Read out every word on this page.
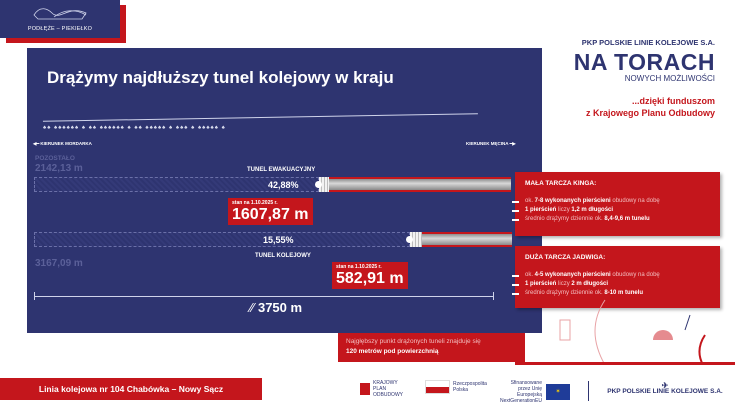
PODŁĘŻE – PIEKIEŁKO
Drążymy najdłuższy tunel kolejowy w kraju
PKP POLSKIE LINIE KOLEJOWE S.A.
NA TORACH
NOWYCH MOŻLIWOŚCI
...dzięki funduszom
z Krajowego Planu Odbudowy
♠♠ ♠♠♠♠♠♠ ♠ ♠♠ ♠♠♠♠♠♠ ♠ ♠♠ ♠♠♠♠♠ ♠ ♠♠♠ ♠ ♠♠♠♠♠ ♠
◀━ KIERUNEK MORDARKA	KIERUNEK MĘCINA ━▶
POZOSTAŁO
2142,13 m	TUNEL EWAKUACYJNY
42,88%
stan na 1.10.2025 r.
1607,87 m
15,55%
TUNEL KOLEJOWY
3167,09 m	stan na 1.10.2025 r.
582,91 m
⁄⁄ 3750 m
MAŁA TARCZA KINGA:
ok. 7-8 wykonanych pierścieni obudowy na dobę
1 pierścień liczy 1,2 m długości
średnio drążymy dziennie ok. 8,4-9,6 m tunelu
DUŻA TARCZA JADWIGA:
ok. 4-5 wykonanych pierścieni obudowy na dobę
1 pierścień liczy 2 m długości
średnio drążymy dziennie ok. 8-10 m tunelu
Najgłębszy punkt drążonych tuneli znajduje się
120 metrów pod powierzchnią
Linia kolejowa nr 104 Chabówka – Nowy Sącz
KRAJOWY PLAN ODBUDOWY
Rzeczpospolita Polska
Sfinansowane przez Unię Europejską NextGenerationEU✶
✈
PKP POLSKIE LINIE KOLEJOWE S.A.
